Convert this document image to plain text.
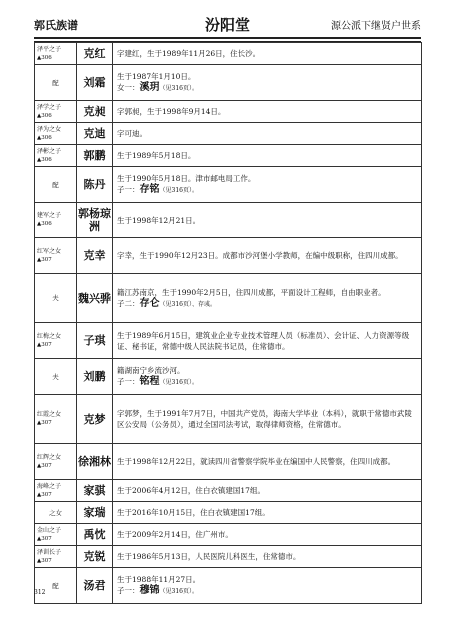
郭氏族谱	汾阳堂	源公派下继贤户世系
泽平之子
▲306	克红	字建红，生于1989年11月26日，住长沙。
配	刘霜	生于1987年1月10日。
女一：溪玥（见316页）。

泽学之子
▲306	克昶	字郭昶，生于1998年9月14日。
泽为之女
▲306	克迪	字可迪。
泽彬之子
▲306	郭鹏	生于1989年5月18日。
配	陈丹	生于1990年5月18日。津市邮电局工作。
子一：存铭（见316页）。

建军之子
▲306	郭杨琼洲	生于1998年12月21日。
红军之女
▲307	克幸	字幸，生于1990年12月23日。成都市沙河堡小学教师，在编中级职称，住四川成都。
夫	魏兴骅	籍江苏南京，生于1990年2月5日，住四川成都，平面设计工程师，自由职业者。
子二：存仑（见316页）、存彧。

红梅之女
▲307	子琪	生于1989年6月15日，建筑业企业专业技术管理人员（标准员）、会计证、人力资源等级证、秘书证，常德中级人民法院书记员，住常德市。
夫	刘鹏	籍湖南宁乡流沙河。
子一：铭程（见316页）。

红霞之女
▲307	克梦	字郭梦，生于1991年7月7日，中国共产党员，海南大学毕业（本科），就职于常德市武陵区公安局（公务员），通过全国司法考试，取得律师资格，住常德市。
红辉之女
▲307	徐湘林	生于1998年12月22日，就读四川省警察学院毕业在编国中人民警察，住四川成都。
海峰之子
▲307	家骐	生于2006年4月12日，住白衣镇建国17组。
之女	家瑞	生于2016年10月15日，住白衣镇建国17组。
金山之子
▲307	禹忱	生于2009年2月14日，住广州市。
泽训长子
▲307	克锐	生于1986年5月13日，人民医院儿科医生，住常德市。
配	汤君	生于1988年11月27日。
子一：穆锦（见316页）。
312
